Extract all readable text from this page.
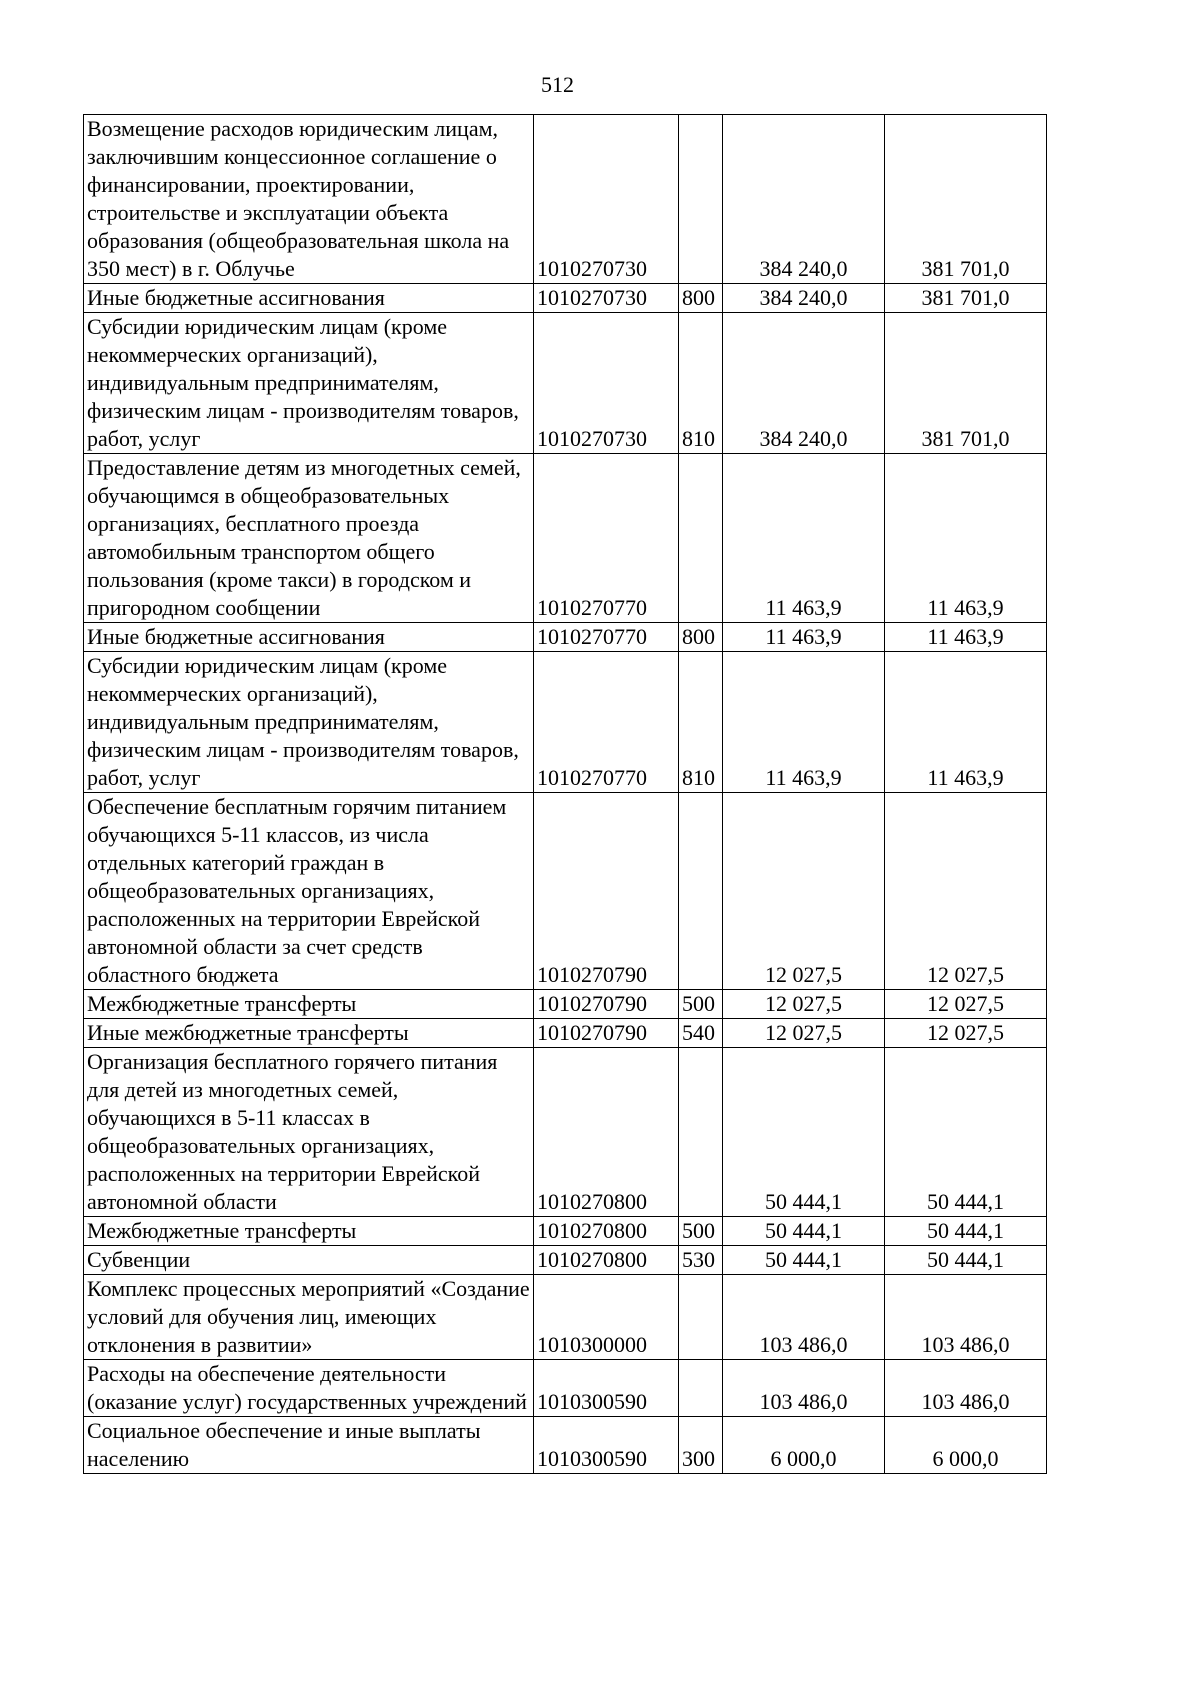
512
Возмещение расходов юридическим лицам, заключившим концессионное соглашение о финансировании, проектировании, строительстве и эксплуатации объекта образования (общеобразовательная школа на 350 мест) в г. Облучье	1010270730		384 240,0	381 701,0
Иные бюджетные ассигнования	1010270730	800	384 240,0	381 701,0
Субсидии юридическим лицам (кроме некоммерческих организаций), индивидуальным предпринимателям, физическим лицам - производителям товаров, работ, услуг	1010270730	810	384 240,0	381 701,0
Предоставление детям из многодетных семей, обучающимся в общеобразовательных организациях, бесплатного проезда автомобильным транспортом общего пользования (кроме такси) в городском и пригородном сообщении	1010270770		11 463,9	11 463,9
Иные бюджетные ассигнования	1010270770	800	11 463,9	11 463,9
Субсидии юридическим лицам (кроме некоммерческих организаций), индивидуальным предпринимателям, физическим лицам - производителям товаров, работ, услуг	1010270770	810	11 463,9	11 463,9
Обеспечение бесплатным горячим питанием обучающихся 5-11 классов, из числа отдельных категорий граждан в общеобразовательных организациях, расположенных на территории Еврейской автономной области за счет средств областного бюджета	1010270790		12 027,5	12 027,5
Межбюджетные трансферты	1010270790	500	12 027,5	12 027,5
Иные межбюджетные трансферты	1010270790	540	12 027,5	12 027,5
Организация бесплатного горячего питания для детей из многодетных семей, обучающихся в 5-11 классах в общеобразовательных организациях, расположенных на территории Еврейской автономной области	1010270800		50 444,1	50 444,1
Межбюджетные трансферты	1010270800	500	50 444,1	50 444,1
Субвенции	1010270800	530	50 444,1	50 444,1
Комплекс процессных мероприятий «Создание условий для обучения лиц, имеющих отклонения в развитии»	1010300000		103 486,0	103 486,0
Расходы на обеспечение деятельности (оказание услуг) государственных учреждений	1010300590		103 486,0	103 486,0
Социальное обеспечение и иные выплаты населению	1010300590	300	6 000,0	6 000,0
